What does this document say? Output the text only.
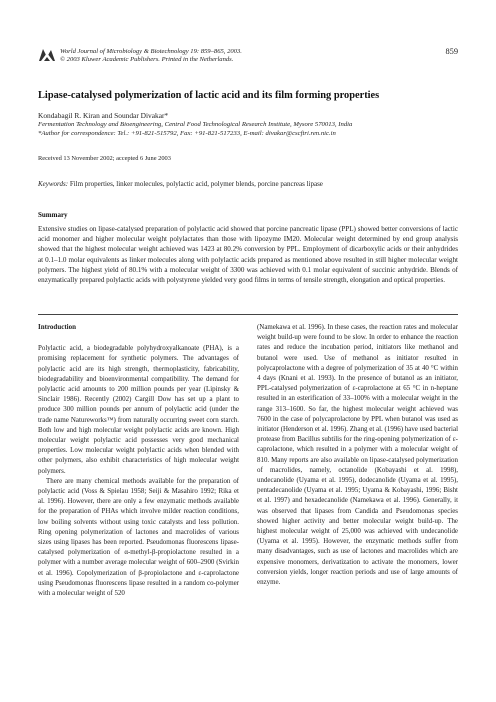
World Journal of Microbiology & Biotechnology 19: 859–865, 2003.
© 2003 Kluwer Academic Publishers. Printed in the Netherlands.
859
Lipase-catalysed polymerization of lactic acid and its film forming properties
Kondabagil R. Kiran and Soundar Divakar*
Fermentation Technology and Bioengineering, Central Food Technological Research Institute, Mysore 570013, India
*Author for correspondence: Tel.: +91-821-515792, Fax: +91-821-517233, E-mail: divakar@cscftri.ren.nic.in
Received 13 November 2002; accepted 6 June 2003
Keywords: Film properties, linker molecules, polylactic acid, polymer blends, porcine pancreas lipase
Summary

Extensive studies on lipase-catalysed preparation of polylactic acid showed that porcine pancreatic lipase (PPL) showed better conversions of lactic acid monomer and higher molecular weight polylactates than those with lipozyme IM20. Molecular weight determined by end group analysis showed that the highest molecular weight achieved was 1423 at 80.2% conversion by PPL. Employment of dicarboxylic acids or their anhydrides at 0.1–1.0 molar equivalents as linker molecules along with polylactic acids prepared as mentioned above resulted in still higher molecular weight polymers. The highest yield of 80.1% with a molecular weight of 3300 was achieved with 0.1 molar equivalent of succinic anhydride. Blends of enzymatically prepared polylactic acids with polystyrene yielded very good films in terms of tensile strength, elongation and optical properties.

Introduction

Polylactic acid, a biodegradable polyhydroxyalkanoate (PHA), is a promising replacement for synthetic polymers. The advantages of polylactic acid are its high strength, thermoplasticity, fabricability, biodegradability and bioenvironmental compatibility. The demand for polylactic acid amounts to 200 million pounds per year (Lipinsky & Sinclair 1986). Recently (2002) Cargill Dow has set up a plant to produce 300 million pounds per annum of polylactic acid (under the trade name Natureworks™) from naturally occurring sweet corn starch. Both low and high molecular weight polylactic acids are known. High molecular weight polylactic acid possesses very good mechanical properties. Low molecular weight polylactic acids when blended with other polymers, also exhibit characteristics of high molecular weight polymers.

There are many chemical methods available for the preparation of polylactic acid (Voss & Spielau 1958; Seiji & Masahiro 1992; Rika et al. 1996). However, there are only a few enzymatic methods available for the preparation of PHAs which involve milder reaction conditions, low boiling solvents without using toxic catalysts and less pollution. Ring opening polymerization of lactones and macrolides of various sizes using lipases has been reported. Pseudomonas fluorescens lipase-catalysed polymerization of α-methyl-β-propiolactone resulted in a polymer with a number average molecular weight of 600–2900 (Svirkin et al. 1996). Copolymerization of β-propiolactone and ε-caprolactone using Pseudomonas fluorescens lipase resulted in a random co-polymer with a molecular weight of 520

(Namekawa et al. 1996). In these cases, the reaction rates and molecular weight build-up were found to be slow. In order to enhance the reaction rates and reduce the incubation period, initiators like methanol and butanol were used. Use of methanol as initiator resulted in polycaprolactone with a degree of polymerization of 35 at 40 °C within 4 days (Knani et al. 1993). In the presence of butanol as an initiator, PPL-catalysed polymerization of ε-caprolactone at 65 °C in n-heptane resulted in an esterification of 33–100% with a molecular weight in the range 313–1600. So far, the highest molecular weight achieved was 7600 in the case of polycaprolactone by PPL when butanol was used as initiator (Henderson et al. 1996). Zhang et al. (1996) have used bacterial protease from Bacillus subtilis for the ring-opening polymerization of ε-caprolactone, which resulted in a polymer with a molecular weight of 810. Many reports are also available on lipase-catalysed polymerization of macrolides, namely, octanolide (Kobayashi et al. 1998), undecanolide (Uyama et al. 1995), dodecanolide (Uyama et al. 1995), pentadecanolide (Uyama et al. 1995; Uyama & Kobayashi, 1996; Bisht et al. 1997) and hexadecanolide (Namekawa et al. 1996). Generally, it was observed that lipases from Candida and Pseudomonas species showed higher activity and better molecular weight build-up. The highest molecular weight of 25,000 was achieved with undecanolide (Uyama et al. 1995). However, the enzymatic methods suffer from many disadvantages, such as use of lactones and macrolides which are expensive monomers, derivatization to activate the monomers, lower conversion yields, longer reaction periods and use of large amounts of enzyme.
